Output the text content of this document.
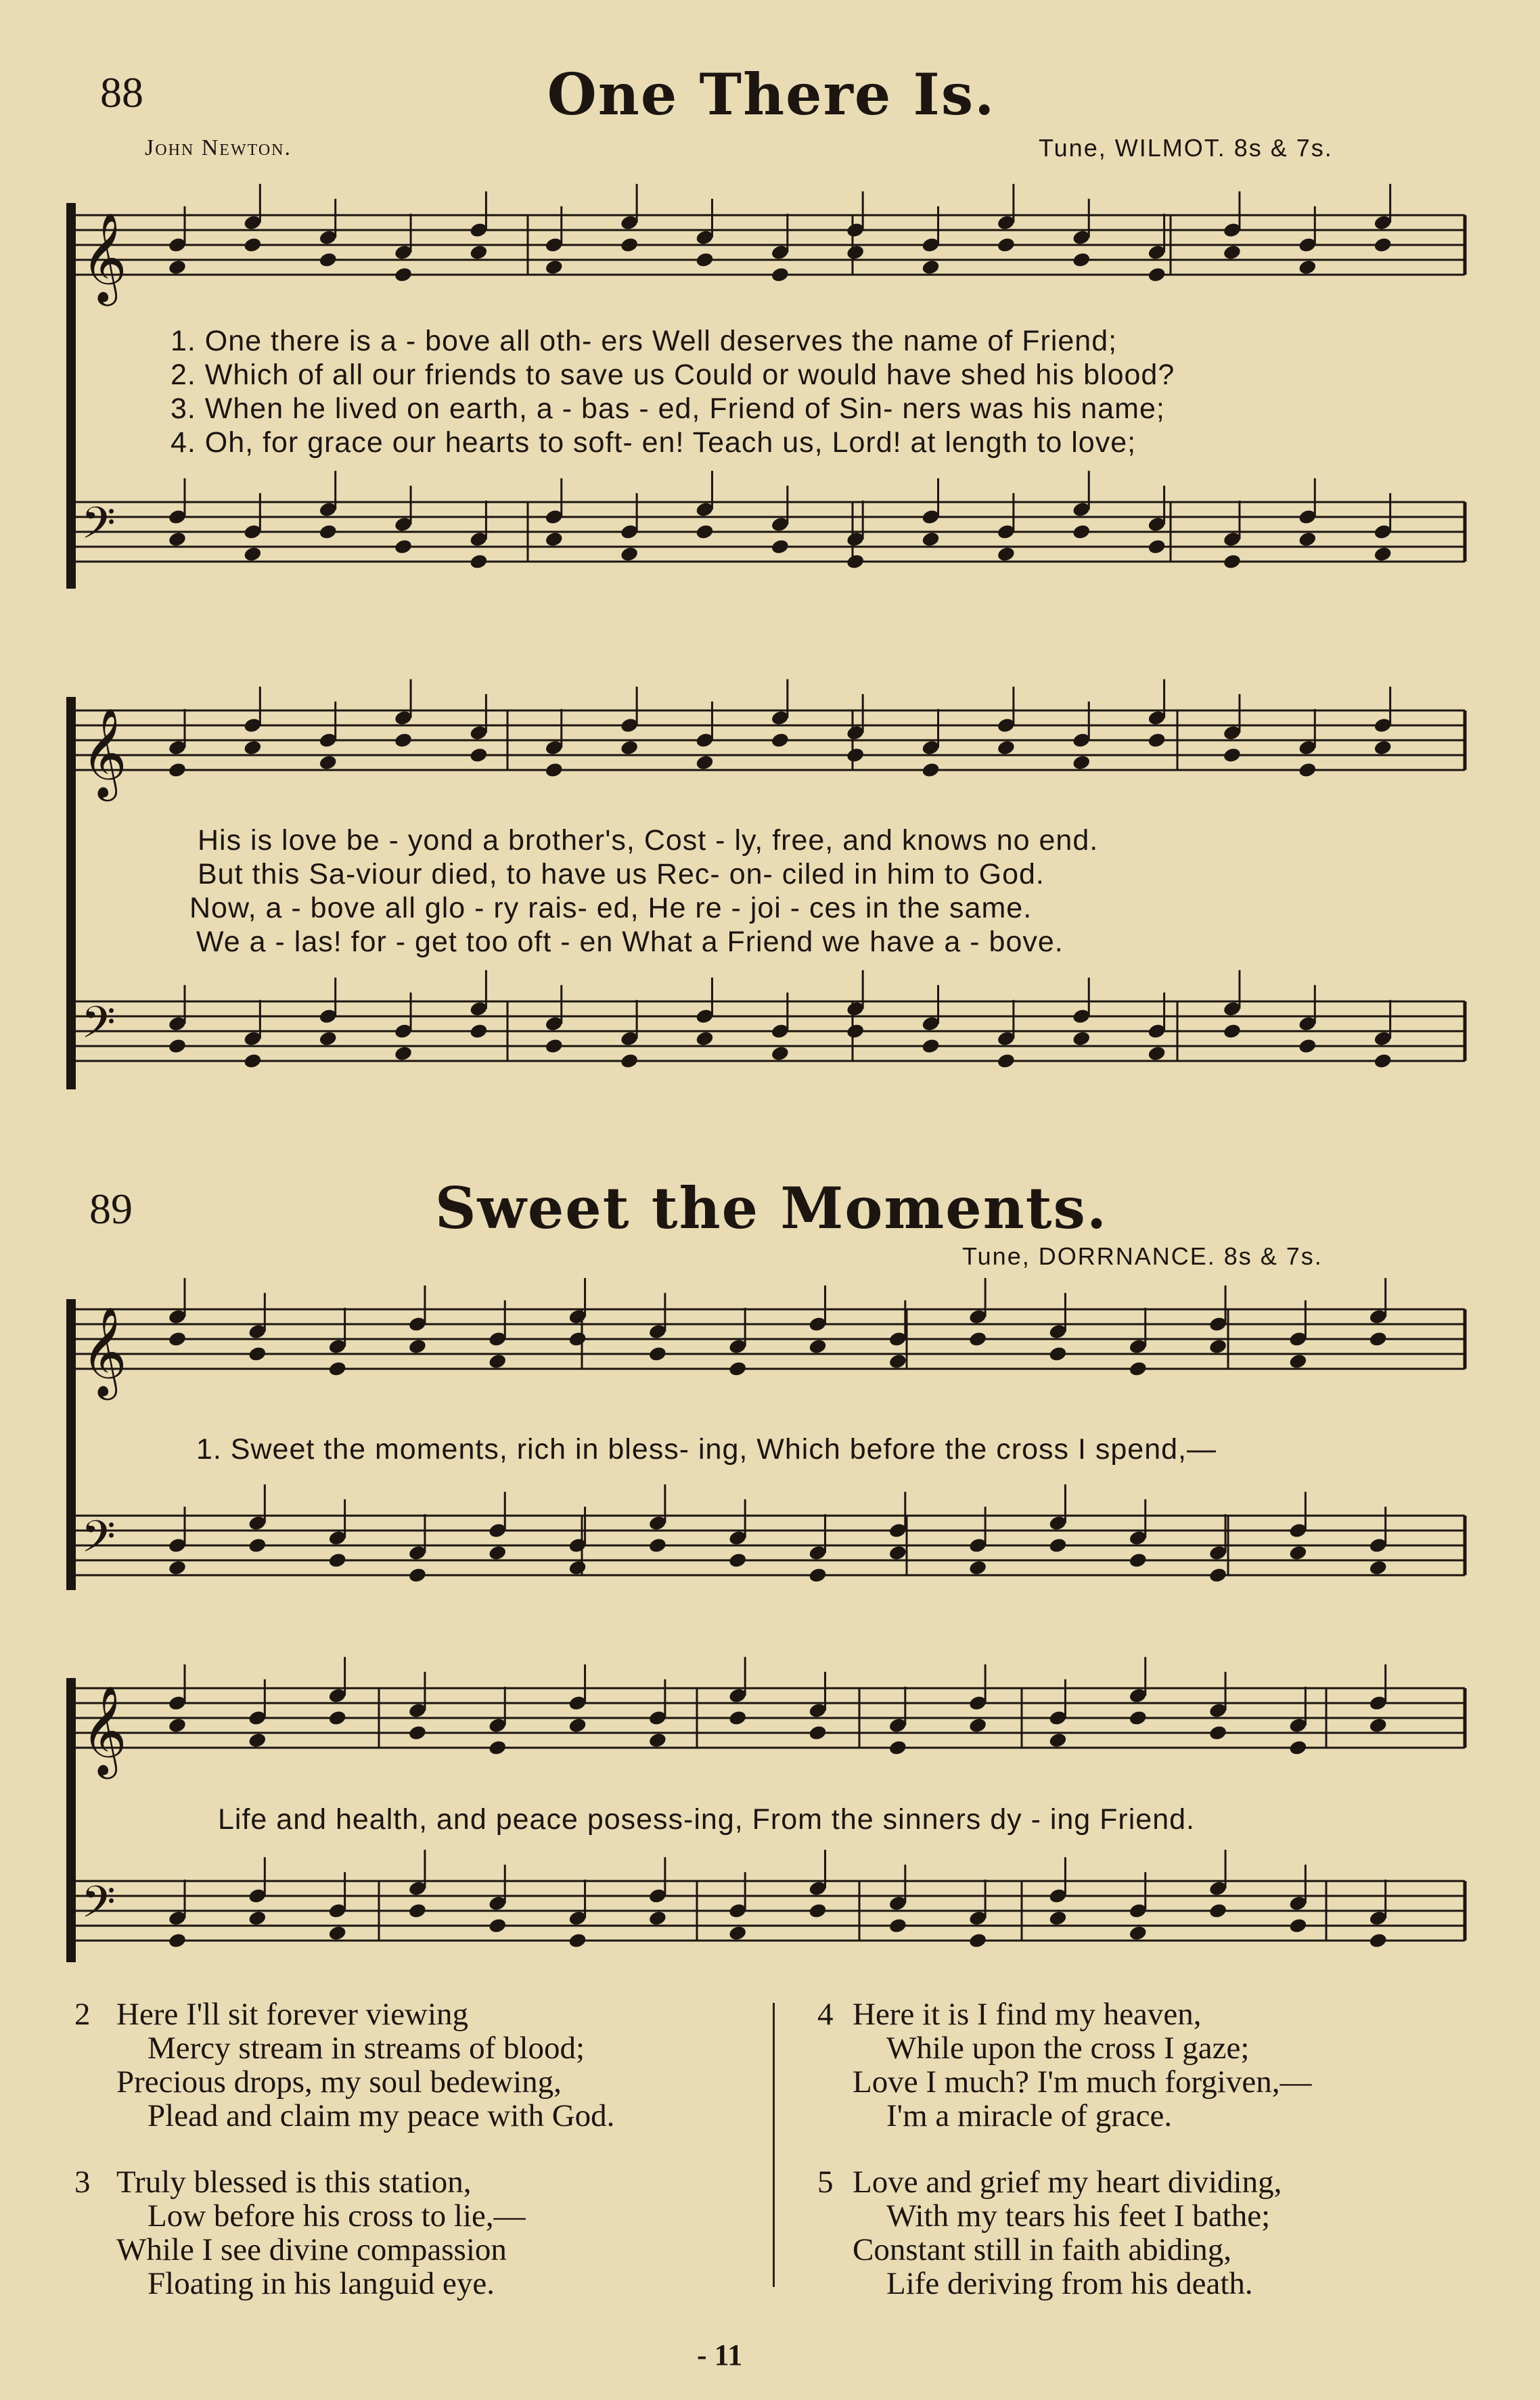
𝄞
𝄢
𝄞
𝄢
𝄞
𝄢
𝄞
𝄢
88	One There Is.
John Newton.	Tune, WILMOT. 8s & 7s.
1. One there is a - bove all oth- ers Well deserves the name of Friend;
2. Which of all our friends to save us Could or would have shed his blood?
3. When he lived on earth, a - bas - ed, Friend of Sin- ners was his name;
4. Oh, for grace our hearts to soft- en! Teach us, Lord! at length to love;
His is love be - yond a brother's, Cost - ly, free, and knows no end.
But this Sa-viour died, to have us Rec- on- ciled in him to God.
Now, a - bove all glo - ry rais- ed, He re - joi - ces in the same.
We a - las! for - get too oft - en What a Friend we have a - bove.
89	Sweet the Moments.
Tune, DORRNANCE. 8s & 7s.
1. Sweet the moments, rich in bless- ing, Which before the cross I spend,—
Life and health, and peace posess-ing, From the sinners dy - ing Friend.
2 Here I'll sit forever viewing
Mercy stream in streams of blood;
Precious drops, my soul bedewing,
Plead and claim my peace with God.
3 Truly blessed is this station,
Low before his cross to lie,—
While I see divine compassion
Floating in his languid eye.
4 Here it is I find my heaven,
While upon the cross I gaze;
Love I much? I'm much forgiven,—
I'm a miracle of grace.
5 Love and grief my heart dividing,
With my tears his feet I bathe;
Constant still in faith abiding,
Life deriving from his death.
- 11
